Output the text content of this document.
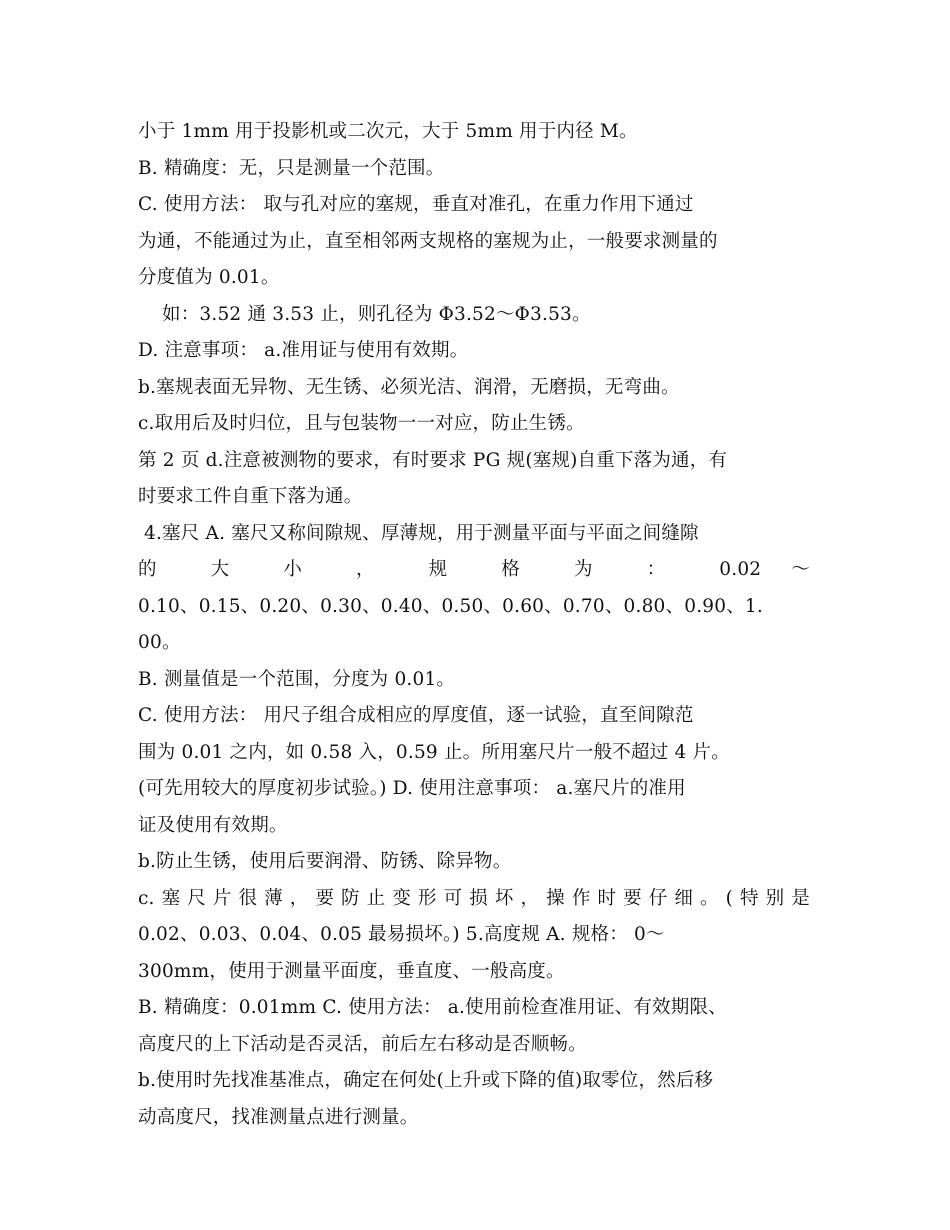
小于 1mm 用于投影机或二次元，大于 5mm 用于内径 M。
B. 精确度：无，只是测量一个范围。
C. 使用方法： 取与孔对应的塞规，垂直对准孔，在重力作用下通过
为通，不能通过为止，直至相邻两支规格的塞规为止，一般要求测量的
分度值为 0.01。
如：3.52 通 3.53 止，则孔径为 Φ3.52～Φ3.53。
D. 注意事项： a.准用证与使用有效期。
b.塞规表面无异物、无生锈、必须光洁、润滑，无磨损，无弯曲。
c.取用后及时归位，且与包装物一一对应，防止生锈。
第 2 页 d.注意被测物的要求，有时要求 PG 规(塞规)自重下落为通，有
时要求工件自重下落为通。
4.塞尺 A. 塞尺又称间隙规、厚薄规，用于测量平面与平面之间缝隙
的 大 小 ， 规 格 为 ： 0.02 ～
0.10、0.15、0.20、0.30、0.40、0.50、0.60、0.70、0.80、0.90、1.
00。
B. 测量值是一个范围，分度为 0.01。
C. 使用方法： 用尺子组合成相应的厚度值，逐一试验，直至间隙范
围为 0.01 之内，如 0.58 入，0.59 止。所用塞尺片一般不超过 4 片。
(可先用较大的厚度初步试验。) D. 使用注意事项： a.塞尺片的准用
证及使用有效期。
b.防止生锈，使用后要润滑、防锈、除异物。
c.塞尺片很薄，要防止变形可损坏，操作时要仔细。(特别是
0.02、0.03、0.04、0.05 最易损坏。) 5.高度规 A. 规格： 0～
300mm，使用于测量平面度，垂直度、一般高度。
B. 精确度：0.01mm C. 使用方法： a.使用前检查准用证、有效期限、
高度尺的上下活动是否灵活，前后左右移动是否顺畅。
b.使用时先找准基准点，确定在何处(上升或下降的值)取零位，然后移
动高度尺，找准测量点进行测量。
